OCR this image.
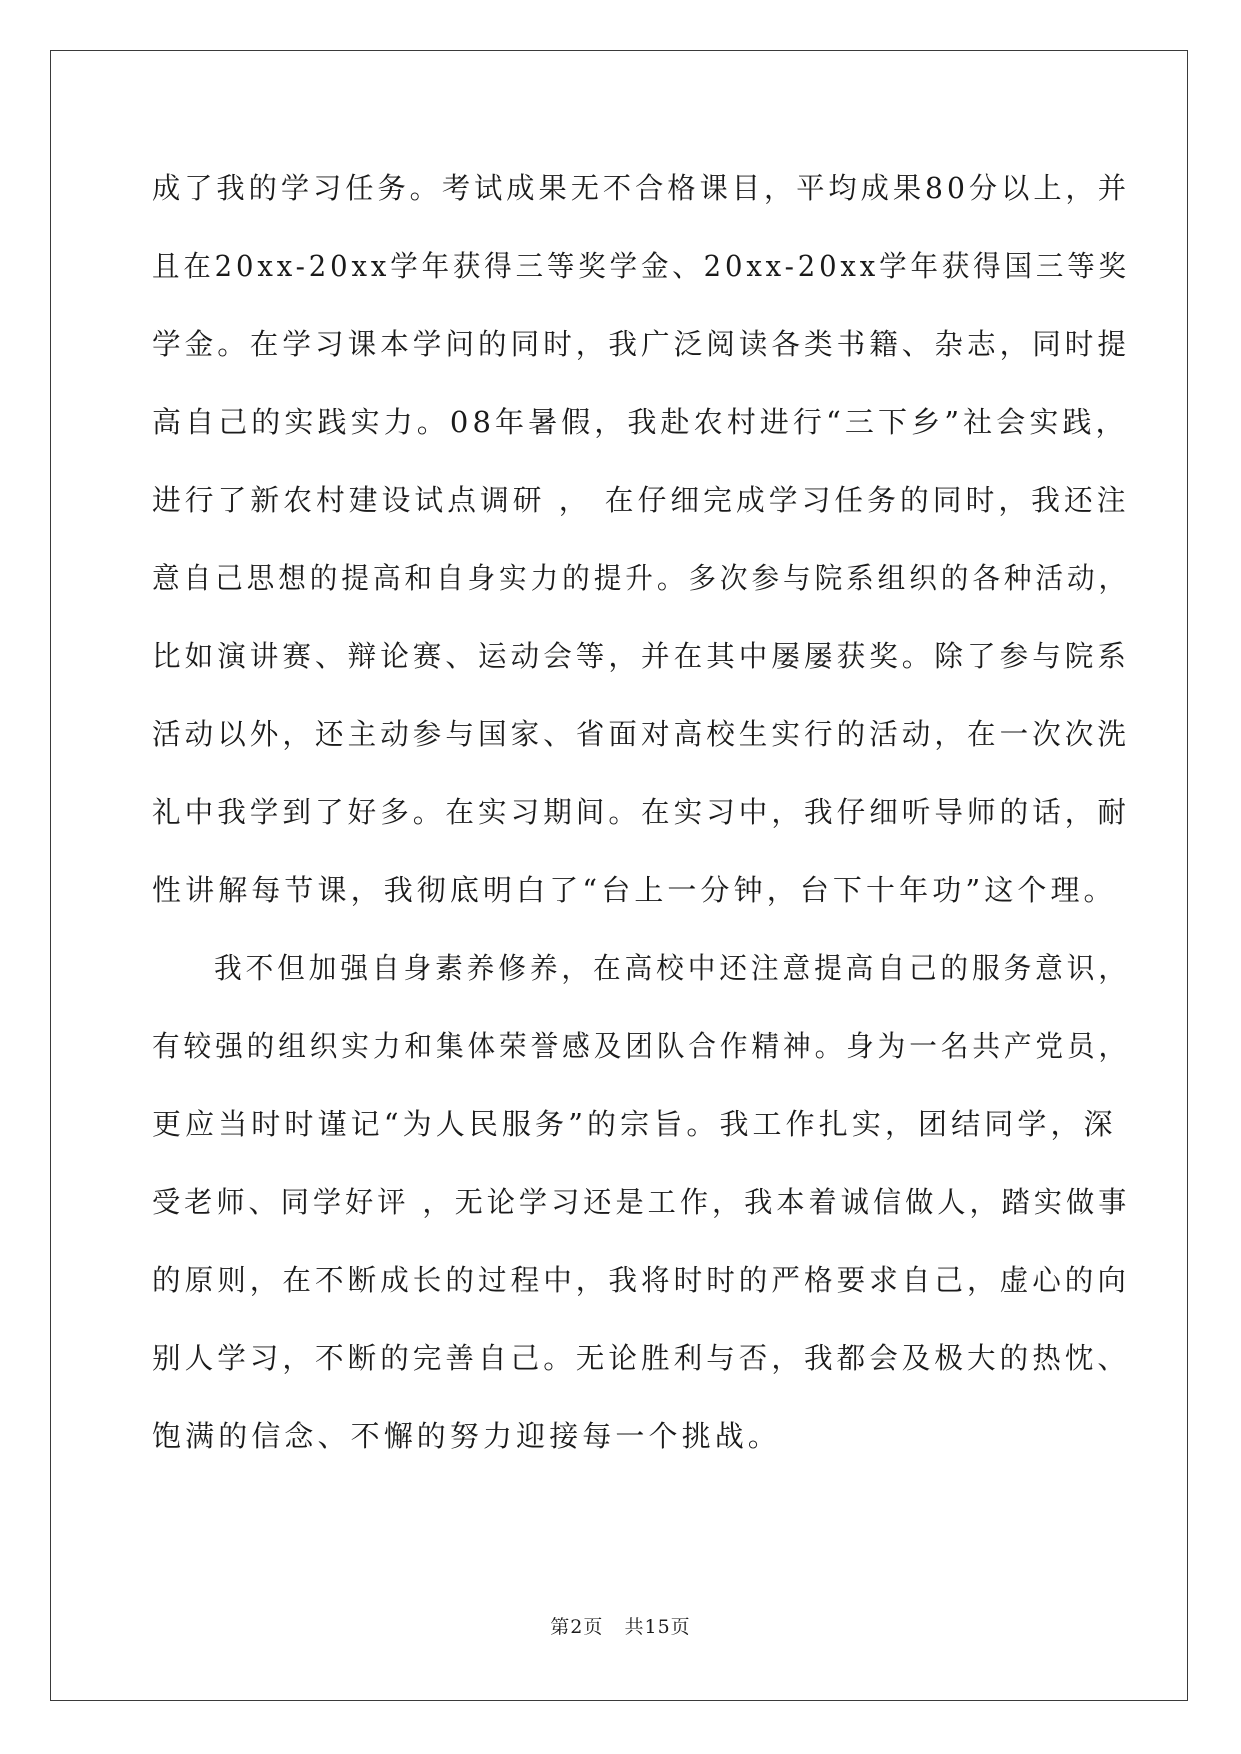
成了我的学习任务。考试成果无不合格课目，平均成果80分以上，并
且在20xx-20xx学年获得三等奖学金、20xx-20xx学年获得国三等奖
学金。在学习课本学问的同时，我广泛阅读各类书籍、杂志，同时提
高自己的实践实力。08年暑假，我赴农村进行“三下乡”社会实践，
进行了新农村建设试点调研 ， 在仔细完成学习任务的同时，我还注
意自己思想的提高和自身实力的提升。多次参与院系组织的各种活动，
比如演讲赛、辩论赛、运动会等，并在其中屡屡获奖。除了参与院系
活动以外，还主动参与国家、省面对高校生实行的活动，在一次次洗
礼中我学到了好多。在实习期间。在实习中，我仔细听导师的话，耐
性讲解每节课，我彻底明白了“台上一分钟，台下十年功”这个理。
我不但加强自身素养修养，在高校中还注意提高自己的服务意识，
有较强的组织实力和集体荣誉感及团队合作精神。身为一名共产党员，
更应当时时谨记“为人民服务”的宗旨。我工作扎实，团结同学，深
受老师、同学好评 ，无论学习还是工作，我本着诚信做人，踏实做事
的原则，在不断成长的过程中，我将时时的严格要求自己，虚心的向
别人学习，不断的完善自己。无论胜利与否，我都会及极大的热忱、
饱满的信念、不懈的努力迎接每一个挑战。
第2页   共15页
